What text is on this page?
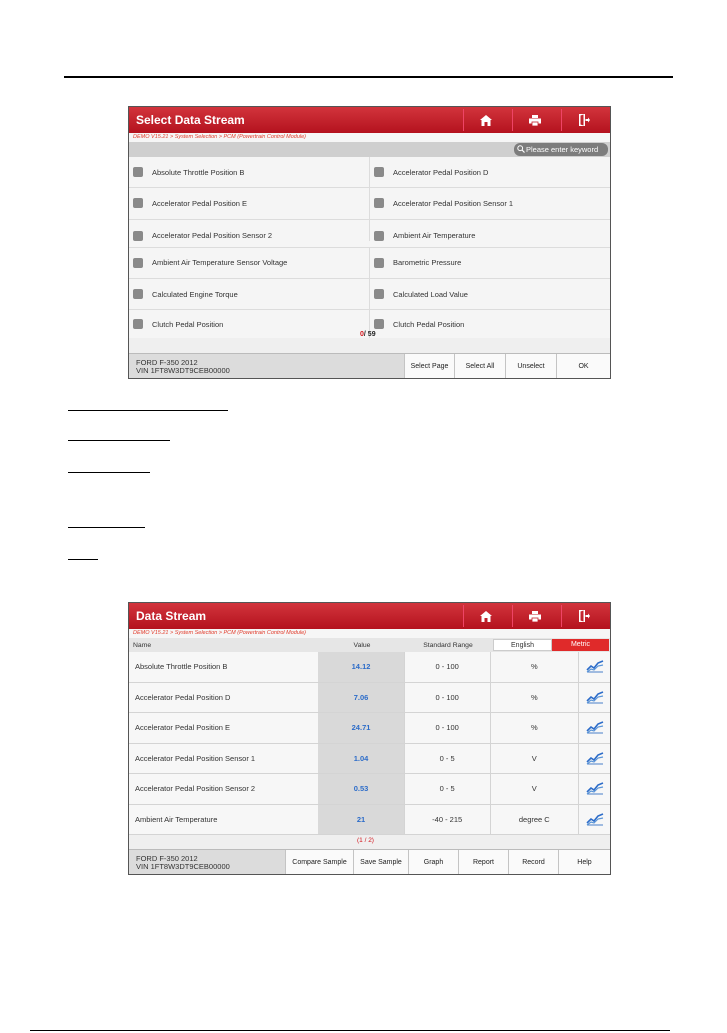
Select Data Stream
DEMO V15.21 > System Selection > PCM (Powertrain Control Module)
Please enter keyword
Absolute Throttle Position B	Accelerator Pedal Position D
Accelerator Pedal Position E	Accelerator Pedal Position Sensor 1
Accelerator Pedal Position Sensor 2	Ambient Air Temperature
Ambient Air Temperature Sensor Voltage	Barometric Pressure
Calculated Engine Torque	Calculated Load Value
Clutch Pedal Position	Clutch Pedal Position
0/ 59
FORD F-350 2012
VIN 1FT8W3DT9CEB00000	Select Page	Select All	Unselect	OK
Data Stream
DEMO V15.21 > System Selection > PCM (Powertrain Control Module)
Name	Value	Standard Range	English	Metric
Absolute Throttle Position B	14.12	0 - 100	%
Accelerator Pedal Position D	7.06	0 - 100	%
Accelerator Pedal Position E	24.71	0 - 100	%
Accelerator Pedal Position Sensor 1	1.04	0 - 5	V
Accelerator Pedal Position Sensor 2	0.53	0 - 5	V
Ambient Air Temperature	21	-40 - 215	degree C
(1 / 2)
FORD F-350 2012
VIN 1FT8W3DT9CEB00000	Compare Sample	Save Sample	Graph	Report	Record	Help
